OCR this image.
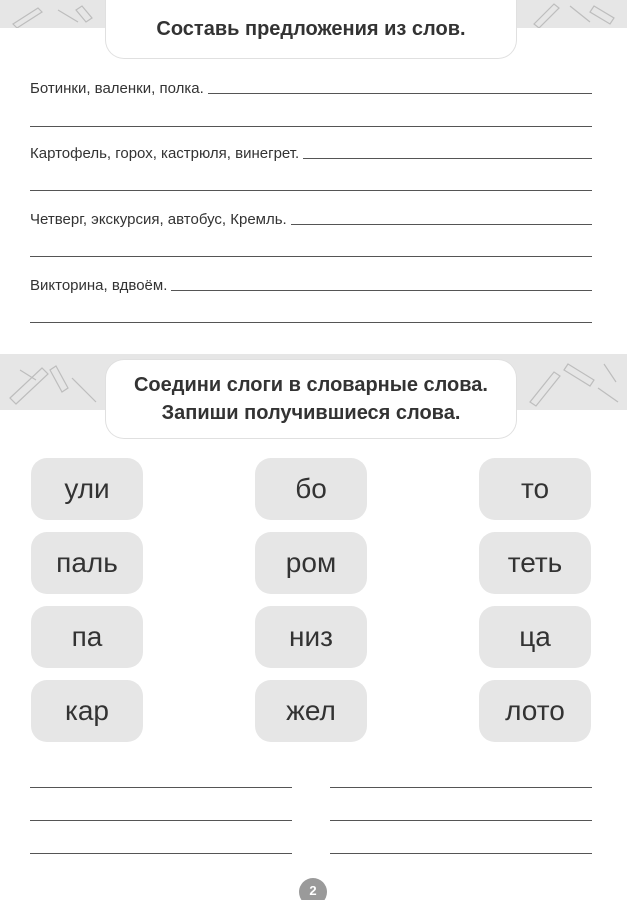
Составь предложения из слов.
Ботинки, валенки, полка.
Картофель, горох, кастрюля, винегрет.
Четверг, экскурсия, автобус, Кремль.
Викторина, вдвоём.
Соедини слоги в словарные слова.
Запиши получившиеся слова.
ули
паль
па
кар
бо
ром
низ
жел
то
теть
ца
лото
2
